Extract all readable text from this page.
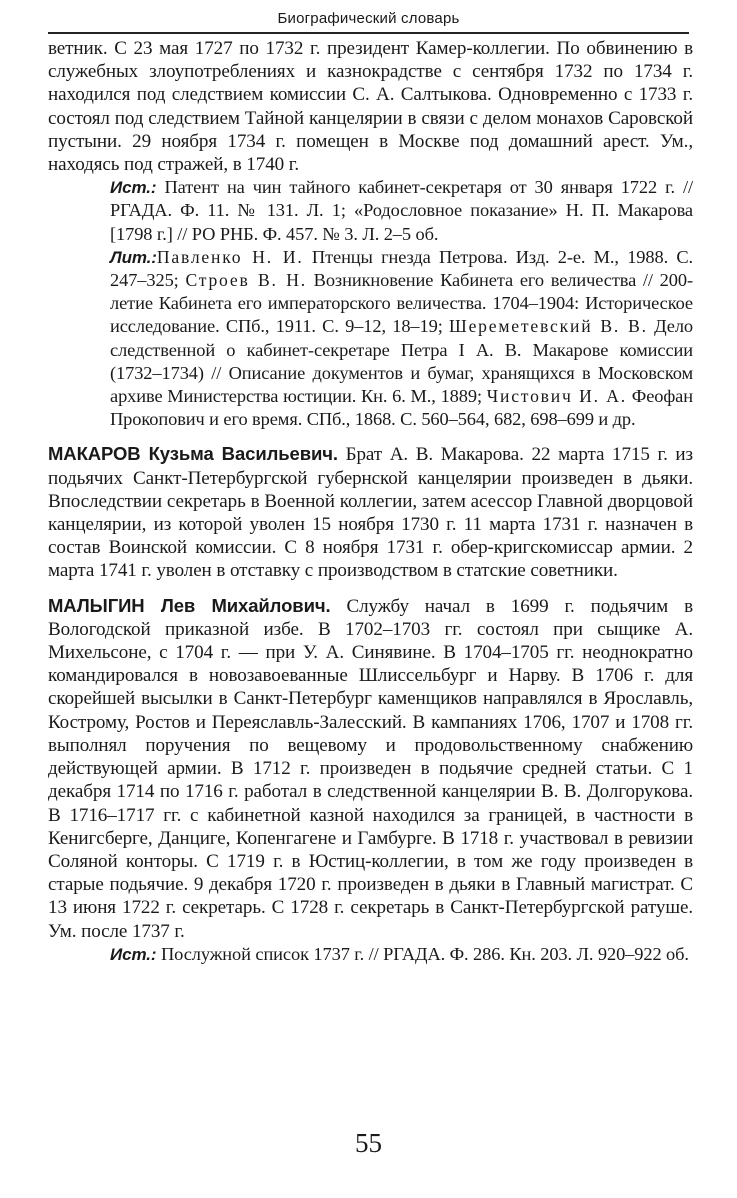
Биографический словарь

ветник. С 23 мая 1727 по 1732 г. президент Камер-коллегии. По обвинению в служебных злоупотреблениях и казнокрадстве с сентября 1732 по 1734 г. находился под следствием комиссии С. А. Салтыкова. Одновременно с 1733 г. состоял под следствием Тайной канцелярии в связи с делом монахов Саровской пустыни. 29 ноября 1734 г. помещен в Москве под домашний арест. Ум., находясь под стражей, в 1740 г.

Ист.: Патент на чин тайного кабинет-секретаря от 30 января 1722 г. // РГАДА. Ф. 11. № 131. Л. 1; «Родословное показание» Н. П. Макарова [1798 г.] // РО РНБ. Ф. 457. № 3. Л. 2–5 об.

Лит.:Павленко Н. И. Птенцы гнезда Петрова. Изд. 2-е. М., 1988. С. 247–325; Строев В. Н. Возникновение Кабинета его величества // 200-летие Кабинета его императорского величества. 1704–1904: Историческое исследование. СПб., 1911. С. 9–12, 18–19; Шереметевский В. В. Дело следственной о кабинет-секретаре Петра I А. В. Макарове комиссии (1732–1734) // Описание документов и бумаг, хранящихся в Московском архиве Министерства юстиции. Кн. 6. М., 1889; Чистович И. А. Феофан Прокопович и его время. СПб., 1868. С. 560–564, 682, 698–699 и др.

МАКАРОВ Кузьма Васильевич. Брат А. В. Макарова. 22 марта 1715 г. из подьячих Санкт-Петербургской губернской канцелярии произведен в дьяки. Впоследствии секретарь в Военной коллегии, затем асессор Главной дворцовой канцелярии, из которой уволен 15 ноября 1730 г. 11 марта 1731 г. назначен в состав Воинской комиссии. С 8 ноября 1731 г. обер-кригскомиссар армии. 2 марта 1741 г. уволен в отставку с производством в статские советники.

МАЛЫГИН Лев Михайлович. Службу начал в 1699 г. подьячим в Вологодской приказной избе. В 1702–1703 гг. состоял при сыщике А. Михельсоне, с 1704 г. — при У. А. Синявине. В 1704–1705 гг. неоднократно командировался в новозавоеванные Шлиссельбург и Нарву. В 1706 г. для скорейшей высылки в Санкт-Петербург каменщиков направлялся в Ярославль, Кострому, Ростов и Переяславль-Залесский. В кампаниях 1706, 1707 и 1708 гг. выполнял поручения по вещевому и продовольственному снабжению действующей армии. В 1712 г. произведен в подьячие средней статьи. С 1 декабря 1714 по 1716 г. работал в следственной канцелярии В. В. Долгорукова. В 1716–1717 гг. с кабинетной казной находился за границей, в частности в Кенигсберге, Данциге, Копенгагене и Гамбурге. В 1718 г. участвовал в ревизии Соляной конторы. С 1719 г. в Юстиц-коллегии, в том же году произведен в старые подьячие. 9 декабря 1720 г. произведен в дьяки в Главный магистрат. С 13 июня 1722 г. секретарь. С 1728 г. секретарь в Санкт-Петербургской ратуше. Ум. после 1737 г.

Ист.: Послужной список 1737 г. // РГАДА. Ф. 286. Кн. 203. Л. 920–922 об.

55
